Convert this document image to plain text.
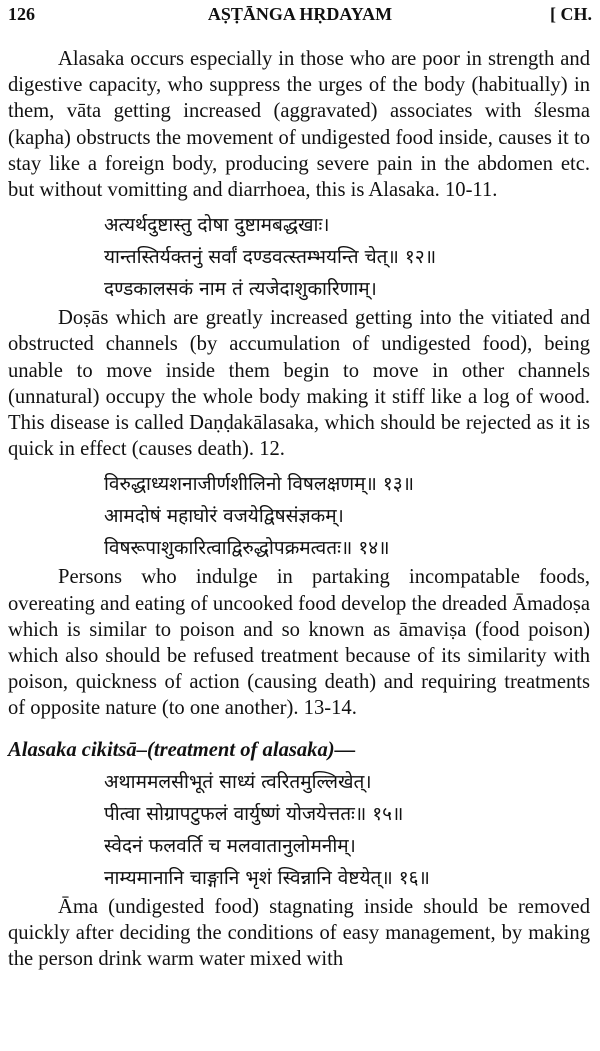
126	AṢṬĀNGA HṚDAYAM	[ CH.

Alasaka occurs especially in those who are poor in strength and digestive capacity, who suppress the urges of the body (habitually) in them, vāta getting increased (aggravated) associates with ślesma (kapha) obstructs the movement of undigested food inside, causes it to stay like a foreign body, producing severe pain in the abdomen etc. but without vomitting and diarrhoea, this is Alasaka. 10-11.

अत्यर्थदुष्टास्तु दोषा दुष्टामबद्धखाः।
यान्तस्तिर्यक्तनुं सर्वां दण्डवत्स्तम्भयन्ति चेत्॥ १२॥
दण्डकालसकं नाम तं त्यजेदाशुकारिणाम्।

Doṣās which are greatly increased getting into the vitiated and obstructed channels (by accumulation of undigested food), being unable to move inside them begin to move in other channels (unnatural) occupy the whole body making it stiff like a log of wood. This disease is called Daṇḍakālasaka, which should be rejected as it is quick in effect (causes death). 12.

विरुद्धाध्यशनाजीर्णशीलिनो विषलक्षणम्॥ १३॥
आमदोषं महाघोरं वजयेद्विषसंज्ञकम्।
विषरूपाशुकारित्वाद्विरुद्धोपक्रमत्वतः॥ १४॥

Persons who indulge in partaking incompatable foods, overeating and eating of uncooked food develop the dreaded Āmadoṣa which is similar to poison and so known as āmaviṣa (food poison) which also should be refused treatment because of its similarity with poison, quickness of action (causing death) and requiring treatments of opposite nature (to one another). 13-14.

Alasaka cikitsā–(treatment of alasaka)—
अथाममलसीभूतं साध्यं त्वरितमुल्लिखेत्।
पीत्वा सोग्रापटुफलं वार्युष्णं योजयेत्ततः॥ १५॥
स्वेदनं फलवर्ति च मलवातानुलोमनीम्।
नाम्यमानानि चाङ्गानि भृशं स्विन्नानि वेष्टयेत्॥ १६॥

Āma (undigested food) stagnating inside should be removed quickly after deciding the conditions of easy management, by making the person drink warm water mixed with
